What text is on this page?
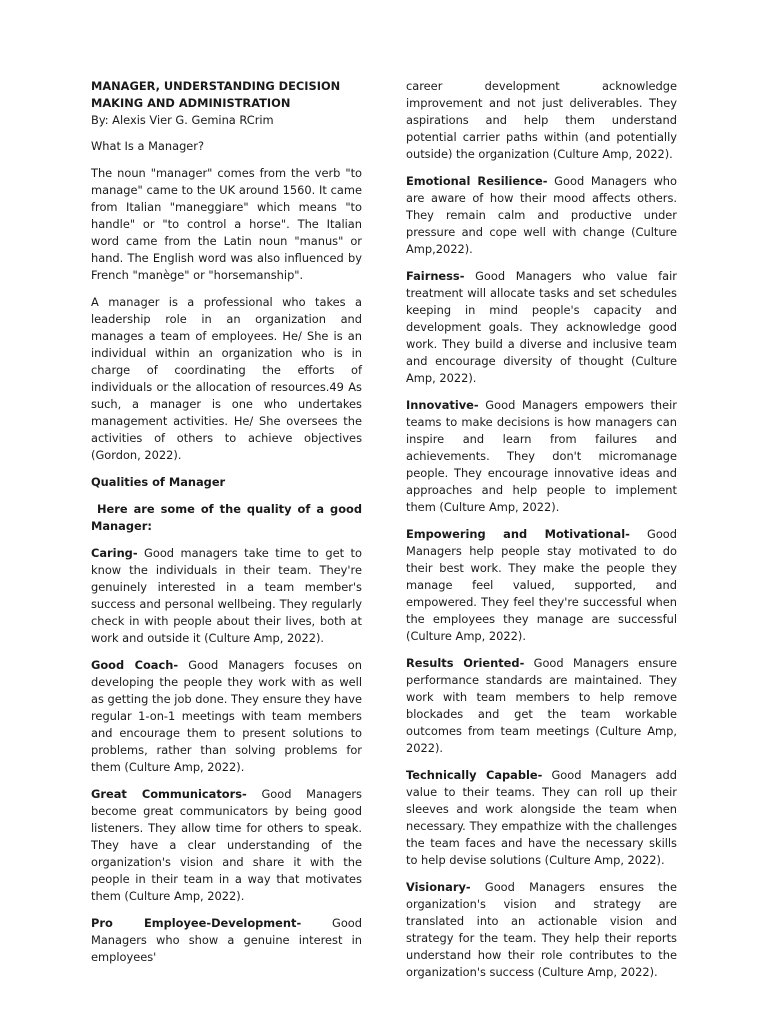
MANAGER, UNDERSTANDING DECISION

MAKING AND ADMINISTRATION

By: Alexis Vier G. Gemina RCrim

What Is a Manager?

The noun "manager" comes from the verb "to manage" came to the UK around 1560. It came from Italian "maneggiare" which means "to handle" or "to control a horse". The Italian word came from the Latin noun "manus" or hand. The English word was also influenced by French "manège" or "horsemanship".

A manager is a professional who takes a leadership role in an organization and manages a team of employees. He/ She is an individual within an organization who is in charge of coordinating the efforts of individuals or the allocation of resources.49 As such, a manager is one who undertakes management activities. He/ She oversees the activities of others to achieve objectives (Gordon, 2022).

Qualities of Manager

Here are some of the quality of a good Manager:

Caring- Good managers take time to get to know the individuals in their team. They're genuinely interested in a team member's success and personal wellbeing. They regularly check in with people about their lives, both at work and outside it (Culture Amp, 2022).

Good Coach- Good Managers focuses on developing the people they work with as well as getting the job done. They ensure they have regular 1-on-1 meetings with team members and encourage them to present solutions to problems, rather than solving problems for them (Culture Amp, 2022).

Great Communicators- Good Managers become great communicators by being good listeners. They allow time for others to speak. They have a clear understanding of the organization's vision and share it with the people in their team in a way that motivates them (Culture Amp, 2022).

Pro Employee-Development- Good Managers who show a genuine interest in employees'

career development acknowledge improvement and not just deliverables. They aspirations and help them understand potential carrier paths within (and potentially outside) the organization (Culture Amp, 2022).

Emotional Resilience- Good Managers who are aware of how their mood affects others. They remain calm and productive under pressure and cope well with change (Culture Amp,2022).

Fairness- Good Managers who value fair treatment will allocate tasks and set schedules keeping in mind people's capacity and development goals. They acknowledge good work. They build a diverse and inclusive team and encourage diversity of thought (Culture Amp, 2022).

Innovative- Good Managers empowers their teams to make decisions is how managers can inspire and learn from failures and achievements. They don't micromanage people. They encourage innovative ideas and approaches and help people to implement them (Culture Amp, 2022).

Empowering and Motivational- Good Managers help people stay motivated to do their best work. They make the people they manage feel valued, supported, and empowered. They feel they're successful when the employees they manage are successful (Culture Amp, 2022).

Results Oriented- Good Managers ensure performance standards are maintained. They work with team members to help remove blockades and get the team workable outcomes from team meetings (Culture Amp, 2022).

Technically Capable- Good Managers add value to their teams. They can roll up their sleeves and work alongside the team when necessary. They empathize with the challenges the team faces and have the necessary skills to help devise solutions (Culture Amp, 2022).

Visionary- Good Managers ensures the organization's vision and strategy are translated into an actionable vision and strategy for the team. They help their reports understand how their role contributes to the organization's success (Culture Amp, 2022).
